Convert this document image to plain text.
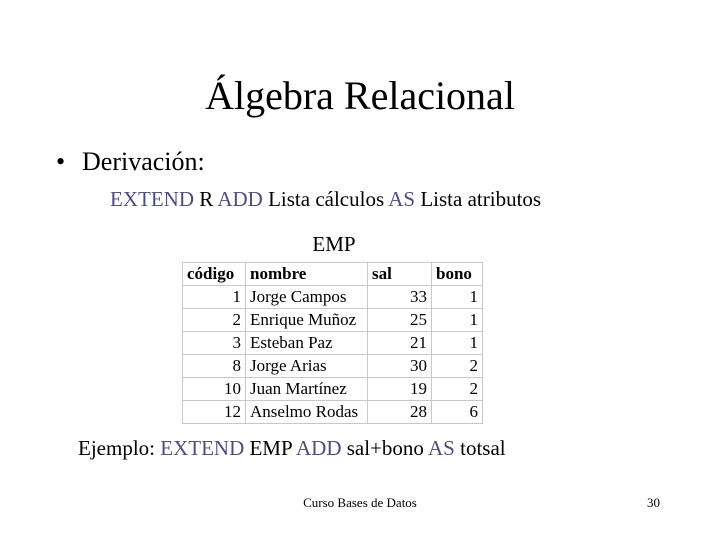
Álgebra Relacional
• Derivación:
EXTEND R ADD Lista cálculos AS Lista atributos
EMP
código	nombre	sal	bono
1	Jorge Campos	33	1
2	Enrique Muñoz	25	1
3	Esteban Paz	21	1
8	Jorge Arias	30	2
10	Juan Martínez	19	2
12	Anselmo Rodas	28	6
Ejemplo: EXTEND EMP ADD sal+bono AS totsal
Curso Bases de Datos	30
